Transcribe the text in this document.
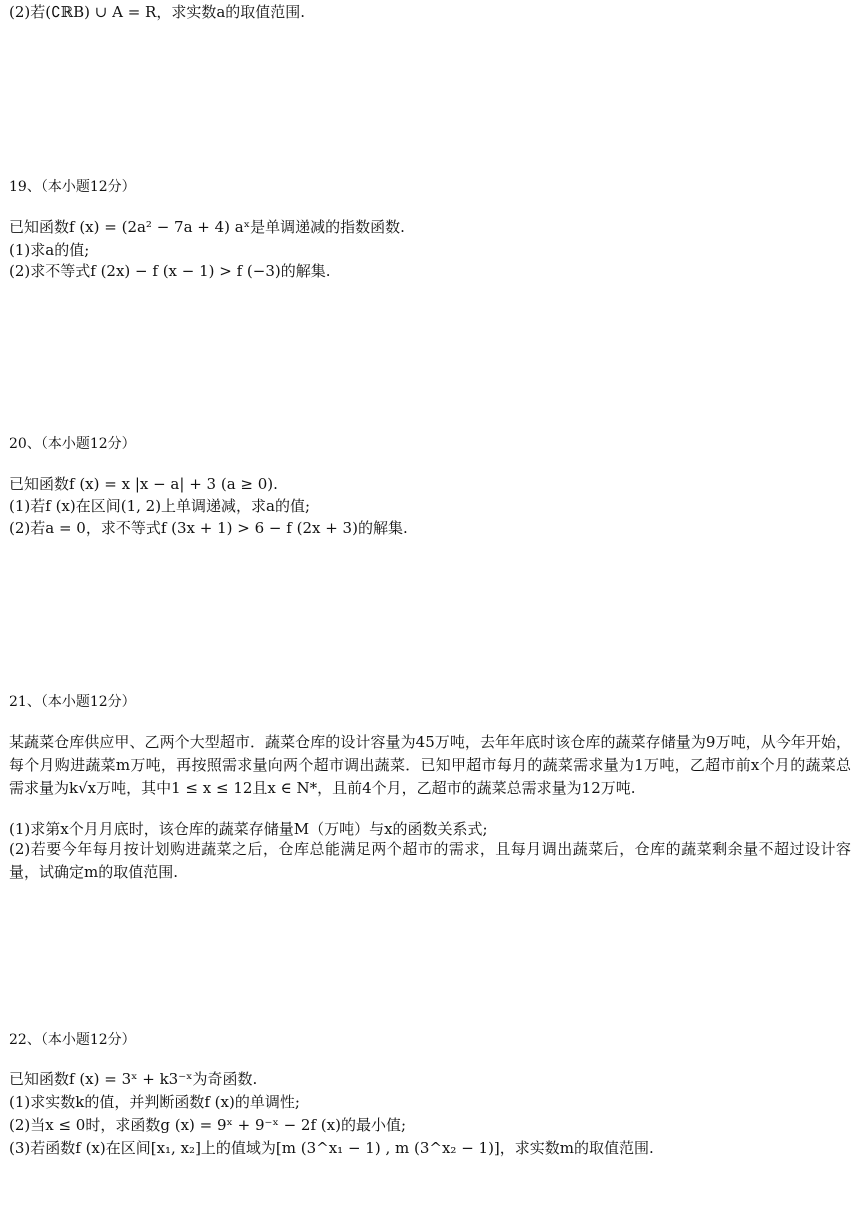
(2)若(∁ℝB) ∪ A = R，求实数a的取值范围.
19、（本小题12分）
已知函数f (x) = (2a² − 7a + 4) aˣ是单调递减的指数函数.
(1)求a的值;
(2)求不等式f (2x) − f (x − 1) > f (−3)的解集.
20、（本小题12分）
已知函数f (x) = x |x − a| + 3 (a ≥ 0).
(1)若f (x)在区间(1, 2)上单调递减，求a的值;
(2)若a = 0，求不等式f (3x + 1) > 6 − f (2x + 3)的解集.
21、（本小题12分）
某蔬菜仓库供应甲、乙两个大型超市．蔬菜仓库的设计容量为45万吨，去年年底时该仓库的蔬菜存储量为9万吨，从今年开始，每个月购进蔬菜m万吨，再按照需求量向两个超市调出蔬菜．已知甲超市每月的蔬菜需求量为1万吨，乙超市前x个月的蔬菜总需求量为k√x万吨，其中1 ≤ x ≤ 12且x ∈ N*，且前4个月，乙超市的蔬菜总需求量为12万吨.
(1)求第x个月月底时，该仓库的蔬菜存储量M（万吨）与x的函数关系式;
(2)若要今年每月按计划购进蔬菜之后，仓库总能满足两个超市的需求，且每月调出蔬菜后，仓库的蔬菜剩余量不超过设计容量，试确定m的取值范围.
22、（本小题12分）
已知函数f (x) = 3ˣ + k3⁻ˣ为奇函数.
(1)求实数k的值，并判断函数f (x)的单调性;
(2)当x ≤ 0时，求函数g (x) = 9ˣ + 9⁻ˣ − 2f (x)的最小值;
(3)若函数f (x)在区间[x₁, x₂]上的值域为[m (3^x₁ − 1) , m (3^x₂ − 1)]，求实数m的取值范围.
